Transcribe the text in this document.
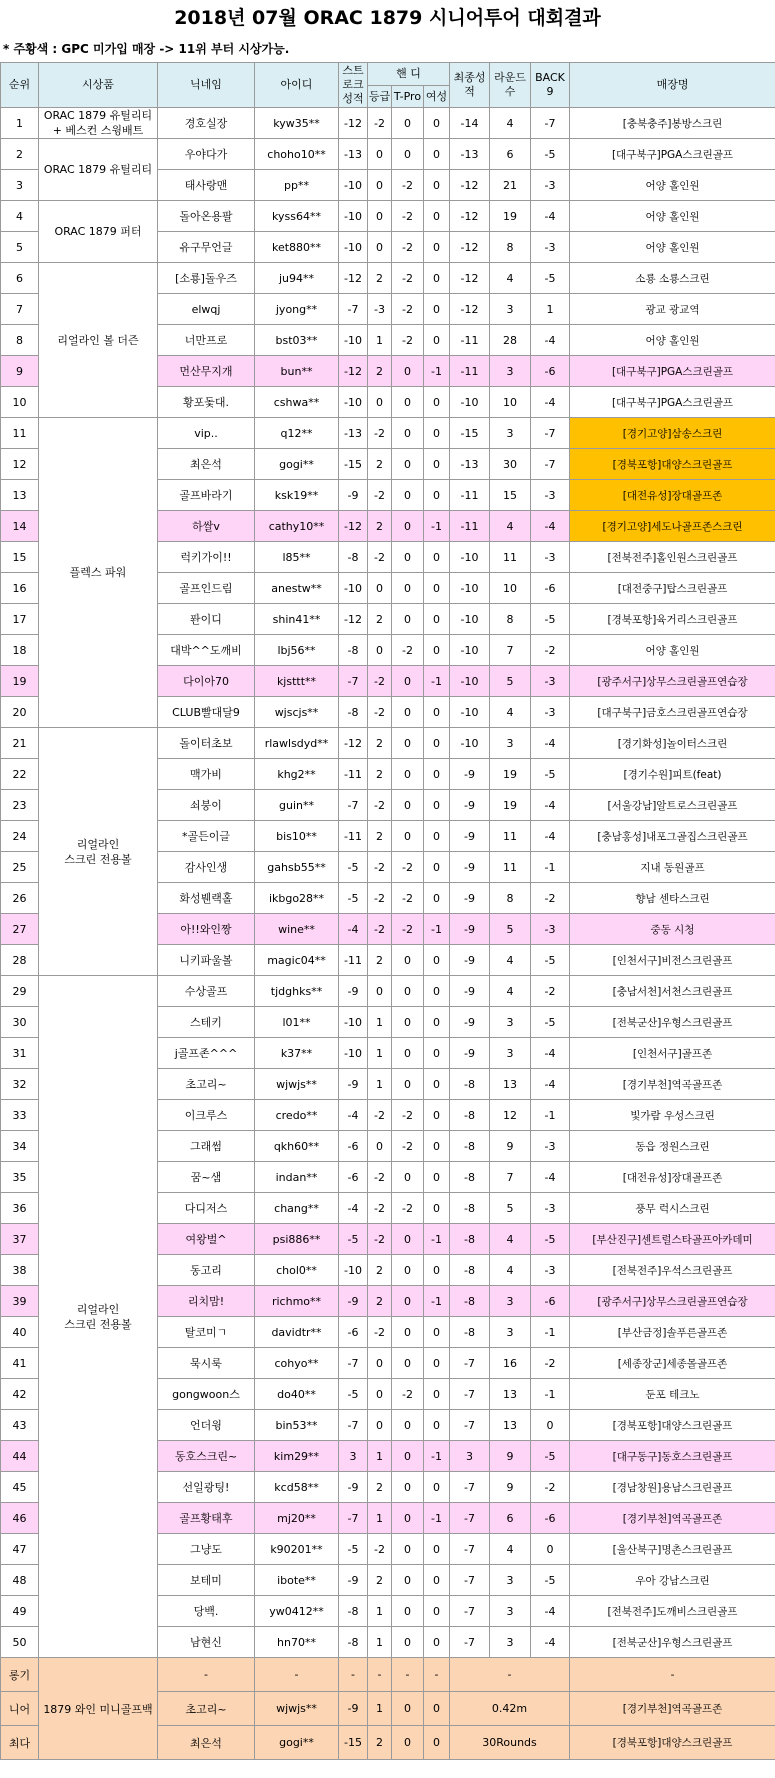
2018년 07월 ORAC 1879 시니어투어 대회결과
* 주황색 : GPC 미가입 매장 -> 11위 부터 시상가능.
순위	시상품	닉네임	아이디	스트로크성적	핸 디			최종성적	라운드수	BACK 9	매장명
					등급	T-Pro	여성				
1	ORAC 1879 유틸리티
+ 베스컨 스윙배트	경호실장	kyw35**	-12	-2	0	0	-14	4	-7	[충북충주]봉방스크린
2	ORAC 1879 유틸리티	우야다가	choho10**	-13	0	0	0	-13	6	-5	[대구북구]PGA스크린골프
3		태사랑맨	pp**	-10	0	-2	0	-12	21	-3	어양 홀인원
4	ORAC 1879 퍼터	돌아온용팔	kyss64**	-10	0	-2	0	-12	19	-4	어양 홀인원
5		유구무언글	ket880**	-10	0	-2	0	-12	8	-3	어양 홀인원
6	리얼라인 볼 더즌	[소룡]돌우즈	ju94**	-12	2	-2	0	-12	4	-5	소룡 소룡스크린
7		elwqj	jyong**	-7	-3	-2	0	-12	3	1	광교 광교역
8		너만프로	bst03**	-10	1	-2	0	-11	28	-4	어양 홀인원
9		먼산무지개	bun**	-12	2	0	-1	-11	3	-6	[대구북구]PGA스크린골프
10		황포돛대.	cshwa**	-10	0	0	0	-10	10	-4	[대구북구]PGA스크린골프
11	플렉스 파워	vip..	q12**	-13	-2	0	0	-15	3	-7	[경기고양]삼송스크린
12		최은석	gogi**	-15	2	0	0	-13	30	-7	[경북포항]대양스크린골프
13		골프바라기	ksk19**	-9	-2	0	0	-11	15	-3	[대전유성]장대골프존
14		하쌀v	cathy10**	-12	2	0	-1	-11	4	-4	[경기고양]세도나골프존스크린
15		럭키가이!!	l85**	-8	-2	0	0	-10	11	-3	[전북전주]홀인원스크린골프
16		골프인드림	anestw**	-10	0	0	0	-10	10	-6	[대전중구]탑스크린골프
17		퐌이디	shin41**	-12	2	0	0	-10	8	-5	[경북포항]육거리스크린골프
18		대박^^도깨비	lbj56**	-8	0	-2	0	-10	7	-2	어양 홀인원
19		다이아70	kjsttt**	-7	-2	0	-1	-10	5	-3	[광주서구]상무스크린골프연습장
20		CLUB빨대달9	wjscjs**	-8	-2	0	0	-10	4	-3	[대구북구]금호스크린골프연습장
21	리얼라인
스크린 전용볼	돌이터초보	rlawlsdyd**	-12	2	0	0	-10	3	-4	[경기화성]놀이터스크린
22		맥가비	khg2**	-11	2	0	0	-9	19	-5	[경기수원]피트(feat)
23		쇠붕이	guin**	-7	-2	0	0	-9	19	-4	[서울강남]알트로스크린골프
24		*골든이글	bis10**	-11	2	0	0	-9	11	-4	[충남홍성]내포그골집스크린골프
25		감사인생	gahsb55**	-5	-2	-2	0	-9	11	-1	지내 동원골프
26		화성붼랙홀	ikbgo28**	-5	-2	-2	0	-9	8	-2	향남 센타스크린
27		아!!와인짱	wine**	-4	-2	-2	-1	-9	5	-3	중동 시청
28		니키파울볼	magic04**	-11	2	0	0	-9	4	-5	[인천서구]비전스크린골프
29	리얼라인
스크린 전용볼	수상골프	tjdghks**	-9	0	0	0	-9	4	-2	[충남서천]서천스크린골프
30		스테키	l01**	-10	1	0	0	-9	3	-5	[전북군산]우형스크린골프
31		j골프존^^^	k37**	-10	1	0	0	-9	3	-4	[인천서구]골프존
32		초고리~	wjwjs**	-9	1	0	0	-8	13	-4	[경기부천]역곡골프존
33		이크루스	credo**	-4	-2	-2	0	-8	12	-1	빛가람 우성스크린
34		그래썸	qkh60**	-6	0	-2	0	-8	9	-3	동읍 정원스크린
35		꿈~샘	indan**	-6	-2	0	0	-8	7	-4	[대전유성]장대골프존
36		다디저스	chang**	-4	-2	-2	0	-8	5	-3	풍무 럭시스크린
37		여왕벌^	psi886**	-5	-2	0	-1	-8	4	-5	[부산진구]센트럴스타골프아카데미
38		동고리	chol0**	-10	2	0	0	-8	4	-3	[전북전주]우석스크린골프
39		리치맘!	richmo**	-9	2	0	-1	-8	3	-6	[광주서구]상무스크린골프연습장
40		탈코미ㄱ	davidtr**	-6	-2	0	0	-8	3	-1	[부산금정]솔푸른골프존
41		묵시룩	cohyo**	-7	0	0	0	-7	16	-2	[세종장군]세종몰골프존
42		gongwoon스	do40**	-5	0	-2	0	-7	13	-1	둔포 테크노
43		언더윙	bin53**	-7	0	0	0	-7	13	0	[경북포항]대양스크린골프
44		동호스크린~	kim29**	3	1	0	-1	3	9	-5	[대구동구]동호스크린골프
45		선일광팅!	kcd58**	-9	2	0	0	-7	9	-2	[경남창원]용남스크린골프
46		골프황태후	mj20**	-7	1	0	-1	-7	6	-6	[경기부천]역곡골프존
47		그냥도	k90201**	-5	-2	0	0	-7	4	0	[울산북구]명촌스크린골프
48		보테미	ibote**	-9	2	0	0	-7	3	-5	우아 강남스크린
49		당백.	yw0412**	-8	1	0	0	-7	3	-4	[전북전주]도깨비스크린골프
50		남현신	hn70**	-8	1	0	0	-7	3	-4	[전북군산]우형스크린골프
롱기	1879 와인 미니골프백	-	-	-	-	-	-	-			-
니어		초고리~	wjwjs**	-9	1	0	0	0.42m			[경기부천]역곡골프존
최다		최은석	gogi**	-15	2	0	0	30Rounds			[경북포항]대양스크린골프
